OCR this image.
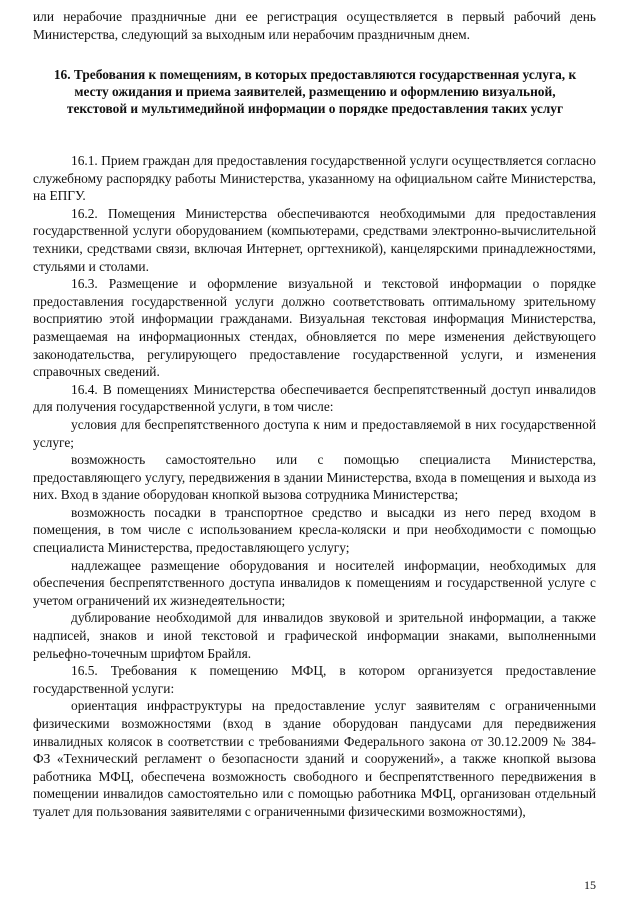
или нерабочие праздничные дни ее регистрация осуществляется в первый рабочий день Министерства, следующий за выходным или нерабочим праздничным днем.

16. Требования к помещениям, в которых предоставляются государственная услуга, к месту ожидания и приема заявителей, размещению и оформлению визуальной, текстовой и мультимедийной информации о порядке предоставления таких услуг

16.1. Прием граждан для предоставления государственной услуги осуществляется согласно служебному распорядку работы Министерства, указанному на официальном сайте Министерства, на ЕПГУ.

16.2. Помещения Министерства обеспечиваются необходимыми для предоставления государственной услуги оборудованием (компьютерами, средствами электронно-вычислительной техники, средствами связи, включая Интернет, оргтехникой), канцелярскими принадлежностями, стульями и столами.

16.3. Размещение и оформление визуальной и текстовой информации о порядке предоставления государственной услуги должно соответствовать оптимальному зрительному восприятию этой информации гражданами. Визуальная текстовая информация Министерства, размещаемая на информационных стендах, обновляется по мере изменения действующего законодательства, регулирующего предоставление государственной услуги, и изменения справочных сведений.

16.4. В помещениях Министерства обеспечивается беспрепятственный доступ инвалидов для получения государственной услуги, в том числе:

условия для беспрепятственного доступа к ним и предоставляемой в них государственной услуге;

возможность самостоятельно или с помощью специалиста Министерства, предоставляющего услугу, передвижения в здании Министерства, входа в помещения и выхода из них. Вход в здание оборудован кнопкой вызова сотрудника Министерства;

возможность посадки в транспортное средство и высадки из него перед входом в помещения, в том числе с использованием кресла-коляски и при необходимости с помощью специалиста Министерства, предоставляющего услугу;

надлежащее размещение оборудования и носителей информации, необходимых для обеспечения беспрепятственного доступа инвалидов к помещениям и государственной услуге с учетом ограничений их жизнедеятельности;

дублирование необходимой для инвалидов звуковой и зрительной информации, а также надписей, знаков и иной текстовой и графической информации знаками, выполненными рельефно-точечным шрифтом Брайля.

16.5. Требования к помещению МФЦ, в котором организуется предоставление государственной услуги:

ориентация инфраструктуры на предоставление услуг заявителям с ограниченными физическими возможностями (вход в здание оборудован пандусами для передвижения инвалидных колясок в соответствии с требованиями Федерального закона от 30.12.2009 № 384-ФЗ «Технический регламент о безопасности зданий и сооружений», а также кнопкой вызова работника МФЦ, обеспечена возможность свободного и беспрепятственного передвижения в помещении инвалидов самостоятельно или с помощью работника МФЦ, организован отдельный туалет для пользования заявителями с ограниченными физическими возможностями),

15
